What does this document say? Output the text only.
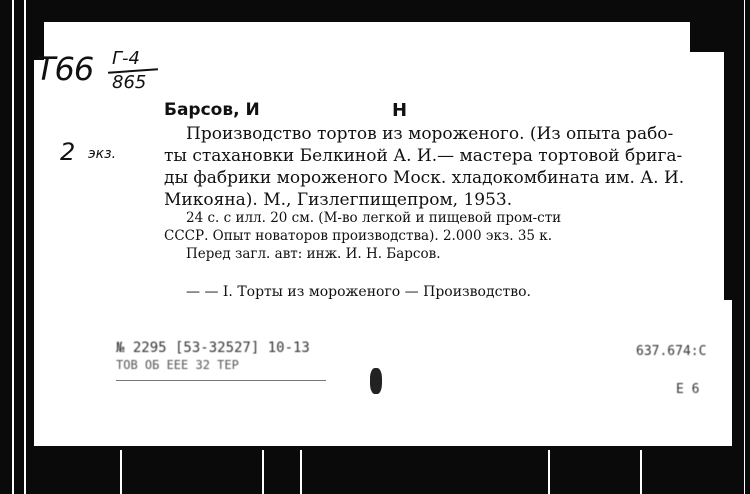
Т66 Г-4
865
2 экз.
Барсов, И	Н
Производство тортов из мороженого. (Из опыта рабо-
ты стахановки Белкиной А. И.— мастера тортовой брига-
ды фабрики мороженого Моск. хладокомбината им. А. И.
Микояна). М., Гизлегпищепром, 1953.
24 с. с илл. 20 см. (М-во легкой и пищевой пром-сти
СССР. Опыт новаторов производства). 2.000 экз. 35 к.
Перед загл. авт: инж. И. Н. Барсов.
— — I. Торты из мороженого — Производство.
№ 2295 [53-32527] 10-13
ТОВ ОБ ЕЕЕ 32 ТЕР
637.674:С
Е 6
